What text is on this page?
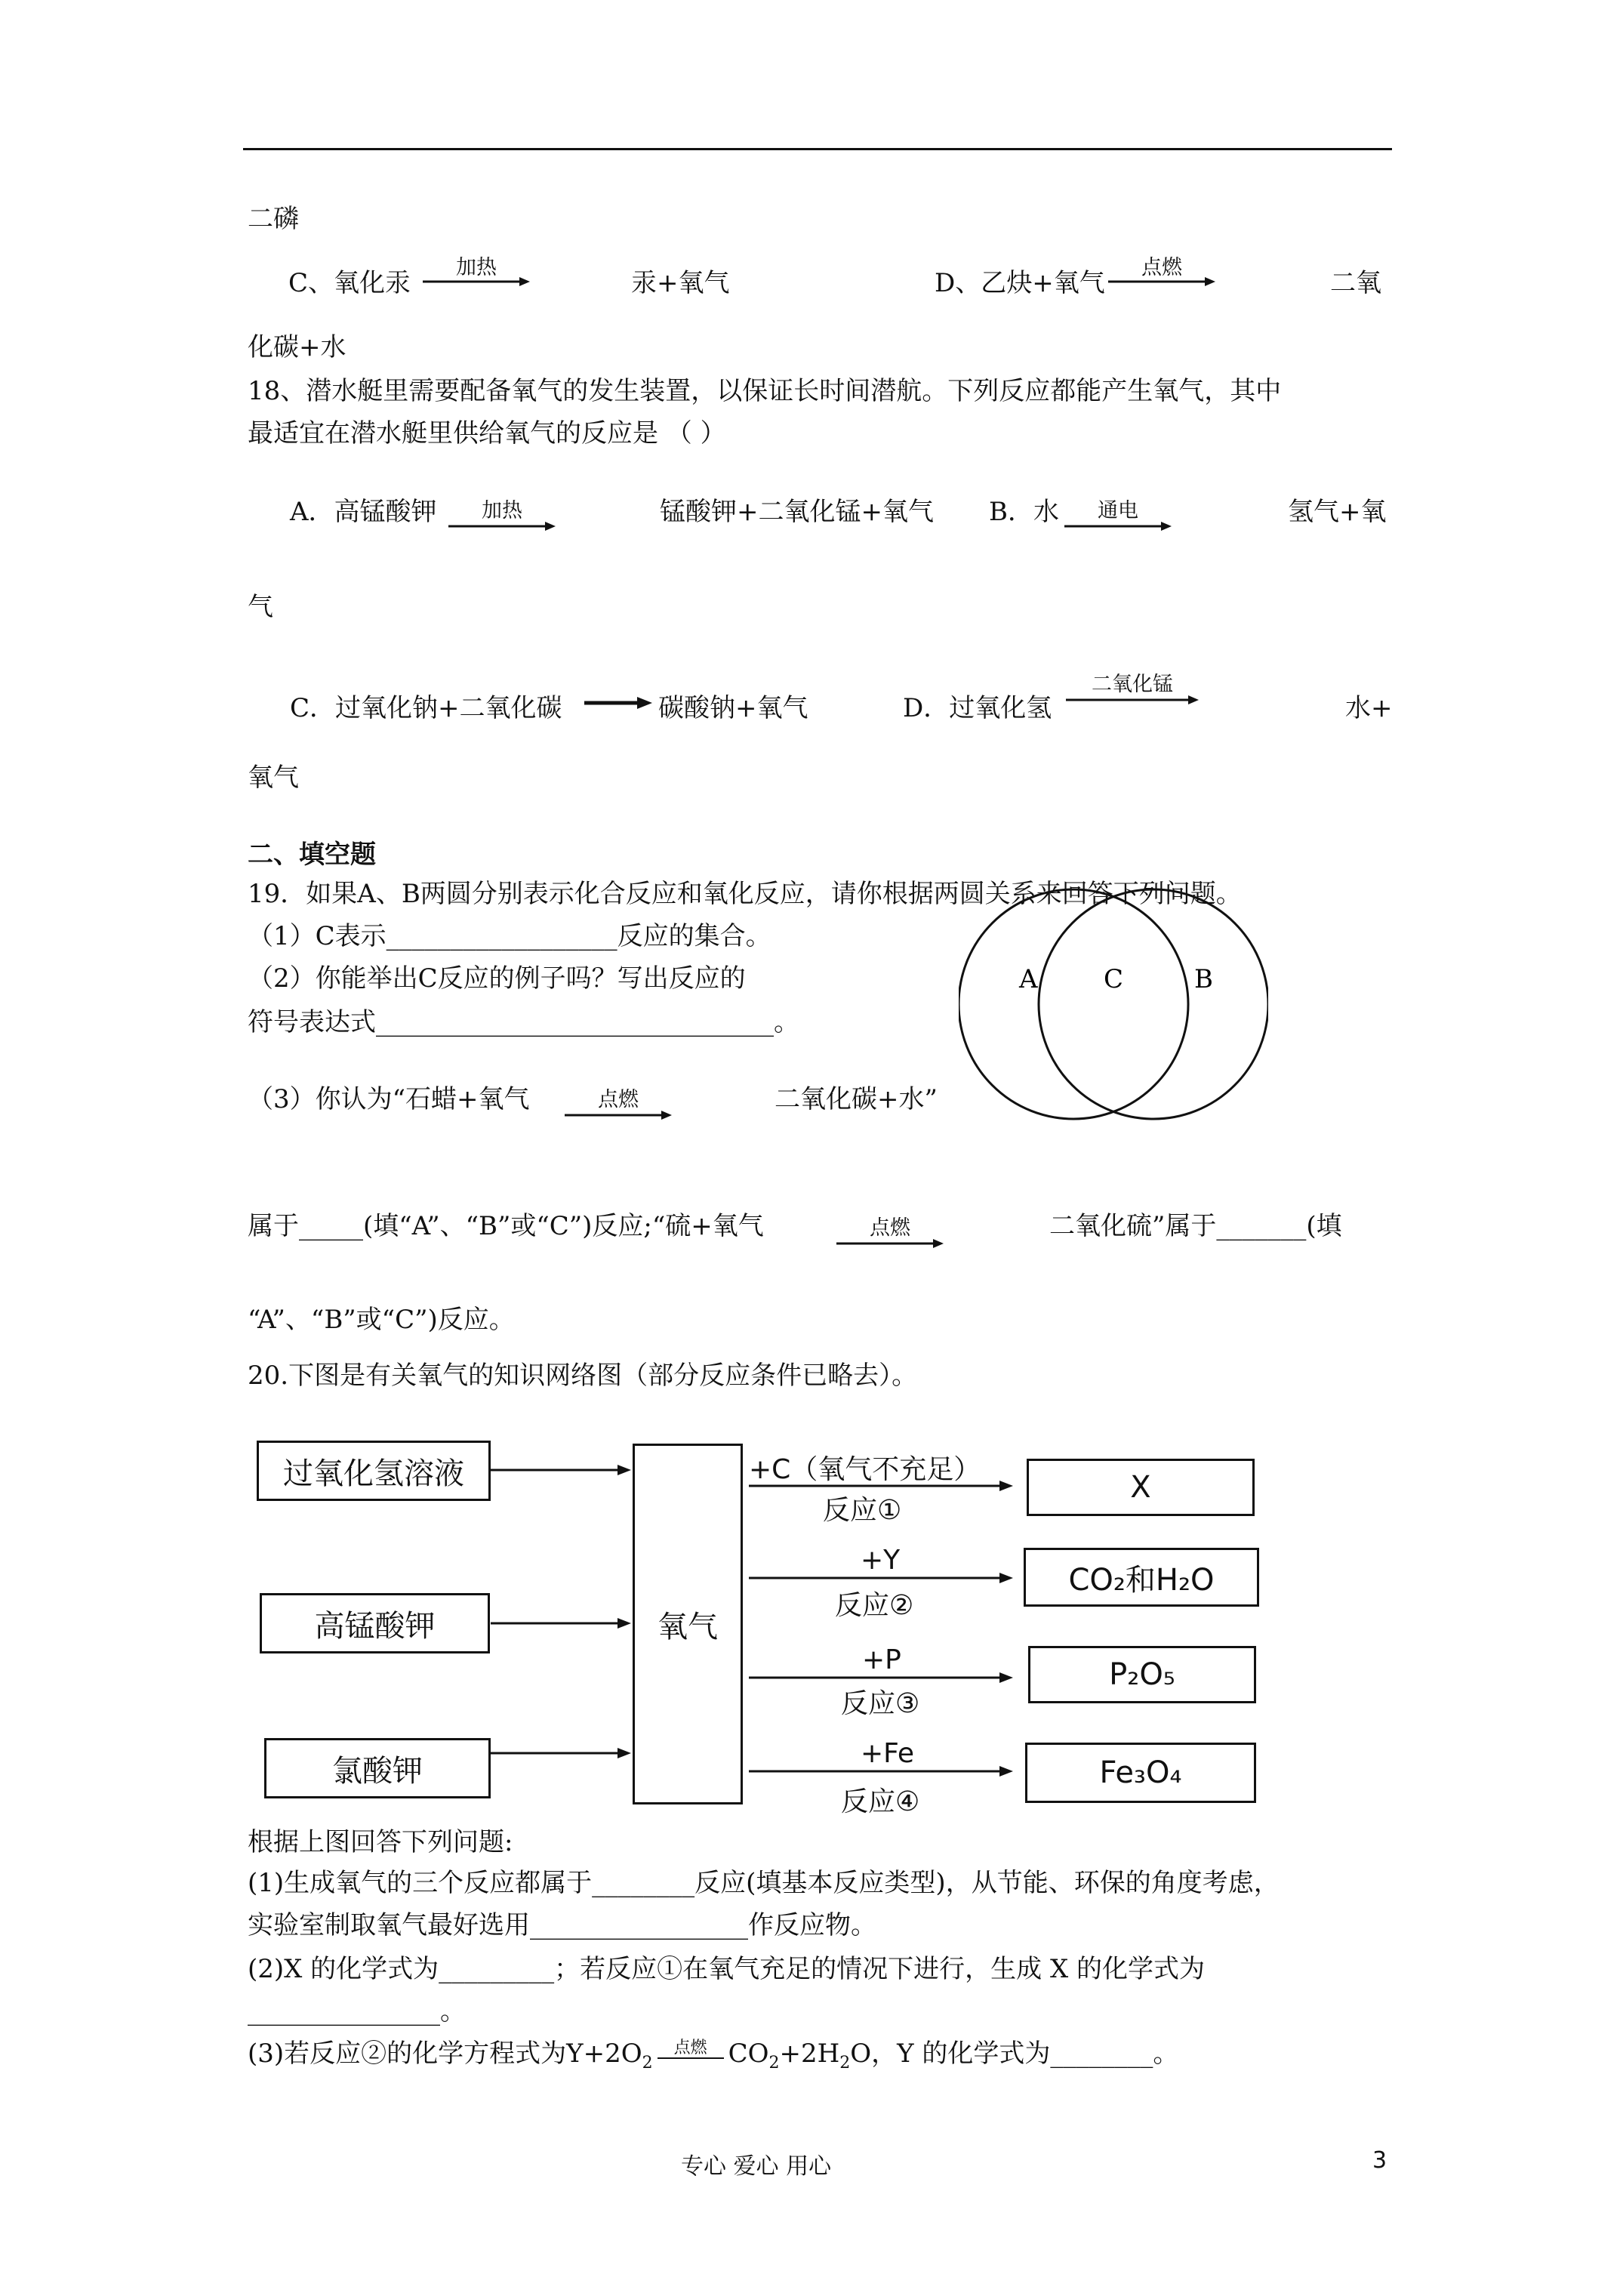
二磷
C、氧化汞
加热
汞+氧气	D、乙炔+氧气
点燃
二氧
化碳+水
18、潜水艇里需要配备氧气的发生装置，以保证长时间潜航。下列反应都能产生氧气，其中
最适宜在潜水艇里供给氧气的反应是 （ ）
A．高锰酸钾	加热	锰酸钾+二氧化锰+氧气 B．水	通电	氢气+氧
气
C．过氧化钠+二氧化碳	碳酸钠+氧气	D．过氧化氢
二氧化锰
水+
氧气
二、填空题
19．如果A、B两圆分别表示化合反应和氧化反应，请你根据两圆关系来回答下列问题。
（1）C表示__________________反应的集合。
（2）你能举出C反应的例子吗？写出反应的
符号表达式_______________________________。
（3）你认为“石蜡+氧气	点燃	二氧化碳+水”
A	C	B
属于_____(填“A”、“B”或“C”)反应;“硫+氧气	点燃	二氧化硫”属于_______(填
“A”、“B”或“C”)反应。
20.下图是有关氧气的知识网络图（部分反应条件已略去）。
过氧化氢溶液
高锰酸钾
氯酸钾
氧气
+C（氧气不充足）
反应①
+Y
反应②
+P
反应③
+Fe
反应④
X
CO₂和H₂O
P₂O₅
Fe₃O₄
根据上图回答下列问题:
(1)生成氧气的三个反应都属于________反应(填基本反应类型)，从节能、环保的角度考虑，
实验室制取氧气最好选用_________________作反应物。
(2)X 的化学式为_________；若反应①在氧气充足的情况下进行，生成 X 的化学式为
_______________。
(3)若反应②的化学方程式为$Y+2O_2$
点燃 $CO_2+2H_2O$，Y 的化学式为________。
专心 爱心 用心	3
